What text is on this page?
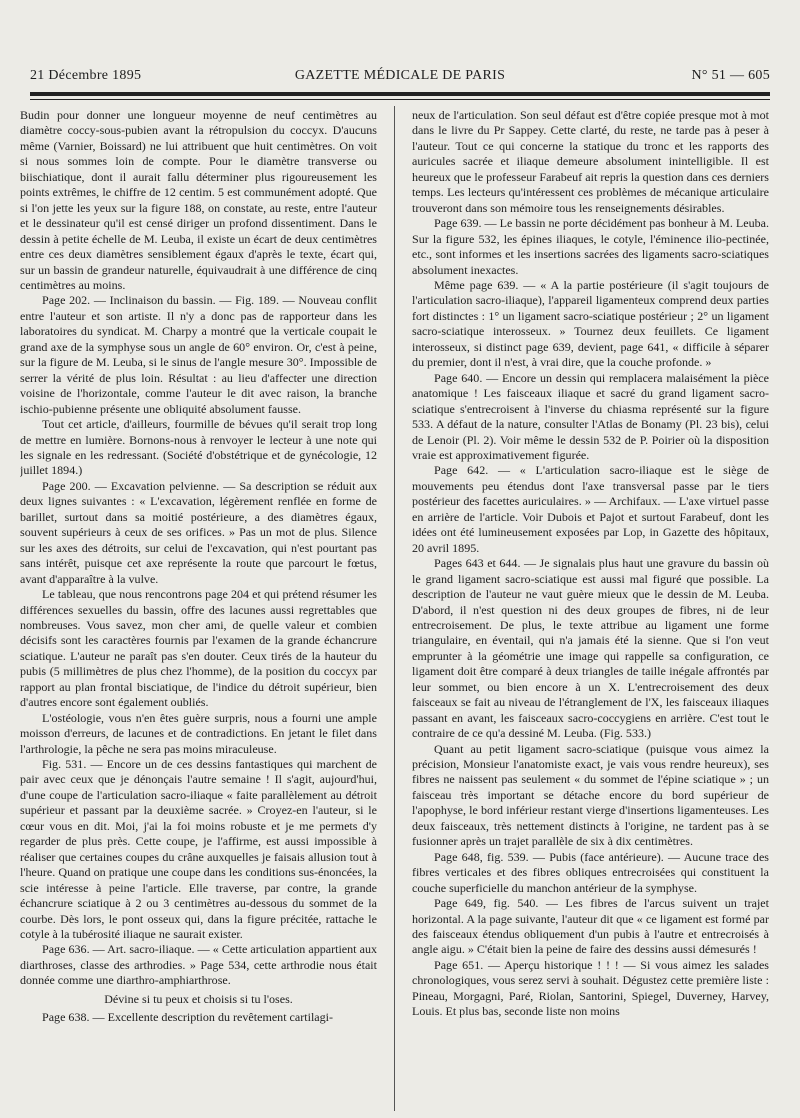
21 Décembre 1895	GAZETTE MÉDICALE DE PARIS	N° 51 — 605

Budin pour donner une longueur moyenne de neuf centimètres au diamètre coccy-sous-pubien avant la rétropulsion du coccyx. D'aucuns même (Varnier, Boissard) ne lui attribuent que huit centimètres. On voit si nous sommes loin de compte. Pour le diamètre transverse ou biischiatique, dont il aurait fallu déterminer plus rigoureusement les points extrêmes, le chiffre de 12 centim. 5 est communément adopté. Que si l'on jette les yeux sur la figure 188, on constate, au reste, entre l'auteur et le dessinateur qu'il est censé diriger un profond dissentiment. Dans le dessin à petite échelle de M. Leuba, il existe un écart de deux centimètres entre ces deux diamètres sensiblement égaux d'après le texte, écart qui, sur un bassin de grandeur naturelle, équivaudrait à une différence de cinq centimètres au moins.

Page 202. — Inclinaison du bassin. — Fig. 189. — Nouveau conflit entre l'auteur et son artiste. Il n'y a donc pas de rapporteur dans les laboratoires du syndicat. M. Charpy a montré que la verticale coupait le grand axe de la symphyse sous un angle de 60° environ. Or, c'est à peine, sur la figure de M. Leuba, si le sinus de l'angle mesure 30°. Impossible de serrer la vérité de plus loin. Résultat : au lieu d'affecter une direction voisine de l'horizontale, comme l'auteur le dit avec raison, la branche ischio-pubienne présente une obliquité absolument fausse.

Tout cet article, d'ailleurs, fourmille de bévues qu'il serait trop long de mettre en lumière. Bornons-nous à renvoyer le lecteur à une note qui les signale en les redressant. (Société d'obstétrique et de gynécologie, 12 juillet 1894.)

Page 200. — Excavation pelvienne. — Sa description se réduit aux deux lignes suivantes : « L'excavation, légèrement renflée en forme de barillet, surtout dans sa moitié postérieure, a des diamètres égaux, souvent supérieurs à ceux de ses orifices. » Pas un mot de plus. Silence sur les axes des détroits, sur celui de l'excavation, qui n'est pourtant pas sans intérêt, puisque cet axe représente la route que parcourt le fœtus, avant d'apparaître à la vulve.

Le tableau, que nous rencontrons page 204 et qui prétend résumer les différences sexuelles du bassin, offre des lacunes aussi regrettables que nombreuses. Vous savez, mon cher ami, de quelle valeur et combien décisifs sont les caractères fournis par l'examen de la grande échancrure sciatique. L'auteur ne paraît pas s'en douter. Ceux tirés de la hauteur du pubis (5 millimètres de plus chez l'homme), de la position du coccyx par rapport au plan frontal bisciatique, de l'indice du détroit supérieur, bien d'autres encore sont également oubliés.

L'ostéologie, vous n'en êtes guère surpris, nous a fourni une ample moisson d'erreurs, de lacunes et de contradictions. En jetant le filet dans l'arthrologie, la pêche ne sera pas moins miraculeuse.

Fig. 531. — Encore un de ces dessins fantastiques qui marchent de pair avec ceux que je dénonçais l'autre semaine ! Il s'agit, aujourd'hui, d'une coupe de l'articulation sacro-iliaque « faite parallèlement au détroit supérieur et passant par la deuxième sacrée. » Croyez-en l'auteur, si le cœur vous en dit. Moi, j'ai la foi moins robuste et je me permets d'y regarder de plus près. Cette coupe, je l'affirme, est aussi impossible à réaliser que certaines coupes du crâne auxquelles je faisais allusion tout à l'heure. Quand on pratique une coupe dans les conditions sus-énoncées, la scie intéresse à peine l'article. Elle traverse, par contre, la grande échancrure sciatique à 2 ou 3 centimètres au-dessous du sommet de la courbe. Dès lors, le pont osseux qui, dans la figure précitée, rattache le cotyle à la tubérosité iliaque ne saurait exister.

Page 636. — Art. sacro-iliaque. — « Cette articulation appartient aux diarthroses, classe des arthrodies. » Page 534, cette arthrodie nous était donnée comme une diarthro-amphiarthrose.

Dévine si tu peux et choisis si tu l'oses.

Page 638. — Excellente description du revêtement cartilagi-

neux de l'articulation. Son seul défaut est d'être copiée presque mot à mot dans le livre du Pr Sappey. Cette clarté, du reste, ne tarde pas à peser à l'auteur. Tout ce qui concerne la statique du tronc et les rapports des auricules sacrée et iliaque demeure absolument inintelligible. Il est heureux que le professeur Farabeuf ait repris la question dans ces derniers temps. Les lecteurs qu'intéressent ces problèmes de mécanique articulaire trouveront dans son mémoire tous les renseignements désirables.

Page 639. — Le bassin ne porte décidément pas bonheur à M. Leuba. Sur la figure 532, les épines iliaques, le cotyle, l'éminence ilio-pectinée, etc., sont informes et les insertions sacrées des ligaments sacro-sciatiques absolument inexactes.

Même page 639. — « A la partie postérieure (il s'agit toujours de l'articulation sacro-iliaque), l'appareil ligamenteux comprend deux parties fort distinctes : 1° un ligament sacro-sciatique postérieur ; 2° un ligament sacro-sciatique interosseux. » Tournez deux feuillets. Ce ligament interosseux, si distinct page 639, devient, page 641, « difficile à séparer du premier, dont il n'est, à vrai dire, que la couche profonde. »

Page 640. — Encore un dessin qui remplacera malaisément la pièce anatomique ! Les faisceaux iliaque et sacré du grand ligament sacro-sciatique s'entrecroisent à l'inverse du chiasma représenté sur la figure 533. A défaut de la nature, consulter l'Atlas de Bonamy (Pl. 23 bis), celui de Lenoir (Pl. 2). Voir même le dessin 532 de P. Poirier où la disposition vraie est approximativement figurée.

Page 642. — « L'articulation sacro-iliaque est le siège de mouvements peu étendus dont l'axe transversal passe par le tiers postérieur des facettes auriculaires. » — Archifaux. — L'axe virtuel passe en arrière de l'article. Voir Dubois et Pajot et surtout Farabeuf, dont les idées ont été lumineusement exposées par Lop, in Gazette des hôpitaux, 20 avril 1895.

Pages 643 et 644. — Je signalais plus haut une gravure du bassin où le grand ligament sacro-sciatique est aussi mal figuré que possible. La description de l'auteur ne vaut guère mieux que le dessin de M. Leuba. D'abord, il n'est question ni des deux groupes de fibres, ni de leur entrecroisement. De plus, le texte attribue au ligament une forme triangulaire, en éventail, qui n'a jamais été la sienne. Que si l'on veut emprunter à la géométrie une image qui rappelle sa configuration, ce ligament doit être comparé à deux triangles de taille inégale affrontés par leur sommet, ou bien encore à un X. L'entrecroisement des deux faisceaux se fait au niveau de l'étranglement de l'X, les faisceaux iliaques passant en avant, les faisceaux sacro-coccygiens en arrière. C'est tout le contraire de ce qu'a dessiné M. Leuba. (Fig. 533.)

Quant au petit ligament sacro-sciatique (puisque vous aimez la précision, Monsieur l'anatomiste exact, je vais vous rendre heureux), ses fibres ne naissent pas seulement « du sommet de l'épine sciatique » ; un faisceau très important se détache encore du bord supérieur de l'apophyse, le bord inférieur restant vierge d'insertions ligamenteuses. Les deux faisceaux, très nettement distincts à l'origine, ne tardent pas à se fusionner après un trajet parallèle de six à dix centimètres.

Page 648, fig. 539. — Pubis (face antérieure). — Aucune trace des fibres verticales et des fibres obliques entrecroisées qui constituent la couche superficielle du manchon antérieur de la symphyse.

Page 649, fig. 540. — Les fibres de l'arcus suivent un trajet horizontal. A la page suivante, l'auteur dit que « ce ligament est formé par des faisceaux étendus obliquement d'un pubis à l'autre et entrecroisés à angle aigu. » C'était bien la peine de faire des dessins aussi démesurés !

Page 651. — Aperçu historique ! ! ! — Si vous aimez les salades chronologiques, vous serez servi à souhait. Dégustez cette première liste : Pineau, Morgagni, Paré, Riolan, Santorini, Spiegel, Duverney, Harvey, Louis. Et plus bas, seconde liste non moins
